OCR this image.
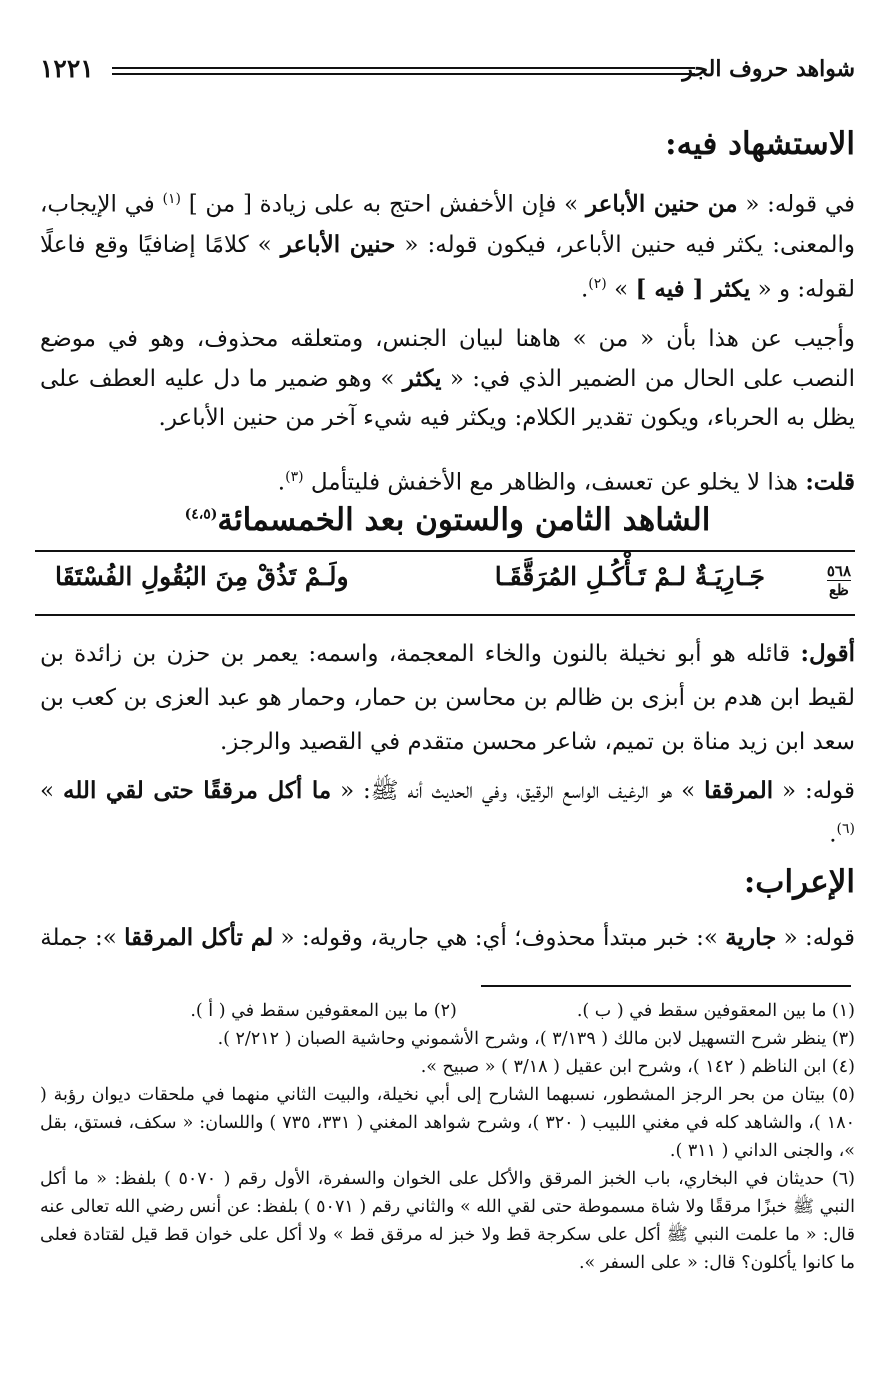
شواهد حروف الجر
١٢٢١
الاستشهاد فيه:

في قوله: « من حنين الأباعر » فإن الأخفش احتج به على زيادة [ من ] $^{(١)}$ في الإيجاب، والمعنى: يكثر فيه حنين الأباعر، فيكون قوله: « حنين الأباعر » كلامًا إضافيًا وقع فاعلًا لقوله: و « يكثر [ فيه ] » $^{(٢)}$.

وأجيب عن هذا بأن « من » هاهنا لبيان الجنس، ومتعلقه محذوف، وهو في موضع النصب على الحال من الضمير الذي في: « يكثر » وهو ضمير ما دل عليه العطف على يظل به الحرباء، ويكون تقدير الكلام: ويكثر فيه شيء آخر من حنين الأباعر.

قلت: هذا لا يخلو عن تعسف، والظاهر مع الأخفش فليتأمل $^{(٣)}$.

الشاهد الثامن والستون بعد الخمسمائة$^{(٤،٥)}$
٥٦٨
ظع
جَـارِيَـةٌ لـمْ تَـأْكُـلِ المُرَقَّقَـا
ولَـمْ تَذُقْ مِنَ البُقُولِ الفُسْتَقَا

أقول: قائله هو أبو نخيلة بالنون والخاء المعجمة، واسمه: يعمر بن حزن بن زائدة بن لقيط ابن هدم بن أبزى بن ظالم بن محاسن بن حمار، وحمار هو عبد العزى بن كعب بن سعد ابن زيد مناة بن تميم، شاعر محسن متقدم في القصيد والرجز.

قوله: « المرققا » هو الرغيف الواسع الرقيق، وفي الحديث أنه ﷺ: « ما أكل مرققًا حتى لقي الله » $^{(٦)}$.

الإعراب:

قوله: « جارية »: خبر مبتدأ محذوف؛ أي: هي جارية، وقوله: « لم تأكل المرققا »: جملة

(١) ما بين المعقوفين سقط في ( ب ).
(٢) ما بين المعقوفين سقط في ( أ ).

(٣) ينظر شرح التسهيل لابن مالك ( ٣/١٣٩ )، وشرح الأشموني وحاشية الصبان ( ٢/٢١٢ ).

(٤) ابن الناظم ( ١٤٢ )، وشرح ابن عقيل ( ٣/١٨ ) « صبيح ».

(٥) بيتان من بحر الرجز المشطور، نسبهما الشارح إلى أبي نخيلة، والبيت الثاني منهما في ملحقات ديوان رؤبة ( ١٨٠ )، والشاهد كله في مغني اللبيب ( ٣٢٠ )، وشرح شواهد المغني ( ٣٣١، ٧٣٥ ) واللسان: « سكف، فستق، بقل »، والجنى الداني ( ٣١١ ).

(٦) حديثان في البخاري، باب الخبز المرقق والأكل على الخوان والسفرة، الأول رقم ( ٥٠٧٠ ) بلفظ: « ما أكل النبي ﷺ خبزًا مرققًا ولا شاة مسموطة حتى لقي الله » والثاني رقم ( ٥٠٧١ ) بلفظ: عن أنس رضي الله تعالى عنه قال: « ما علمت النبي ﷺ أكل على سكرجة قط ولا خبز له مرقق قط » ولا أكل على خوان قط قيل لقتادة فعلى ما كانوا يأكلون؟ قال: « على السفر ».
